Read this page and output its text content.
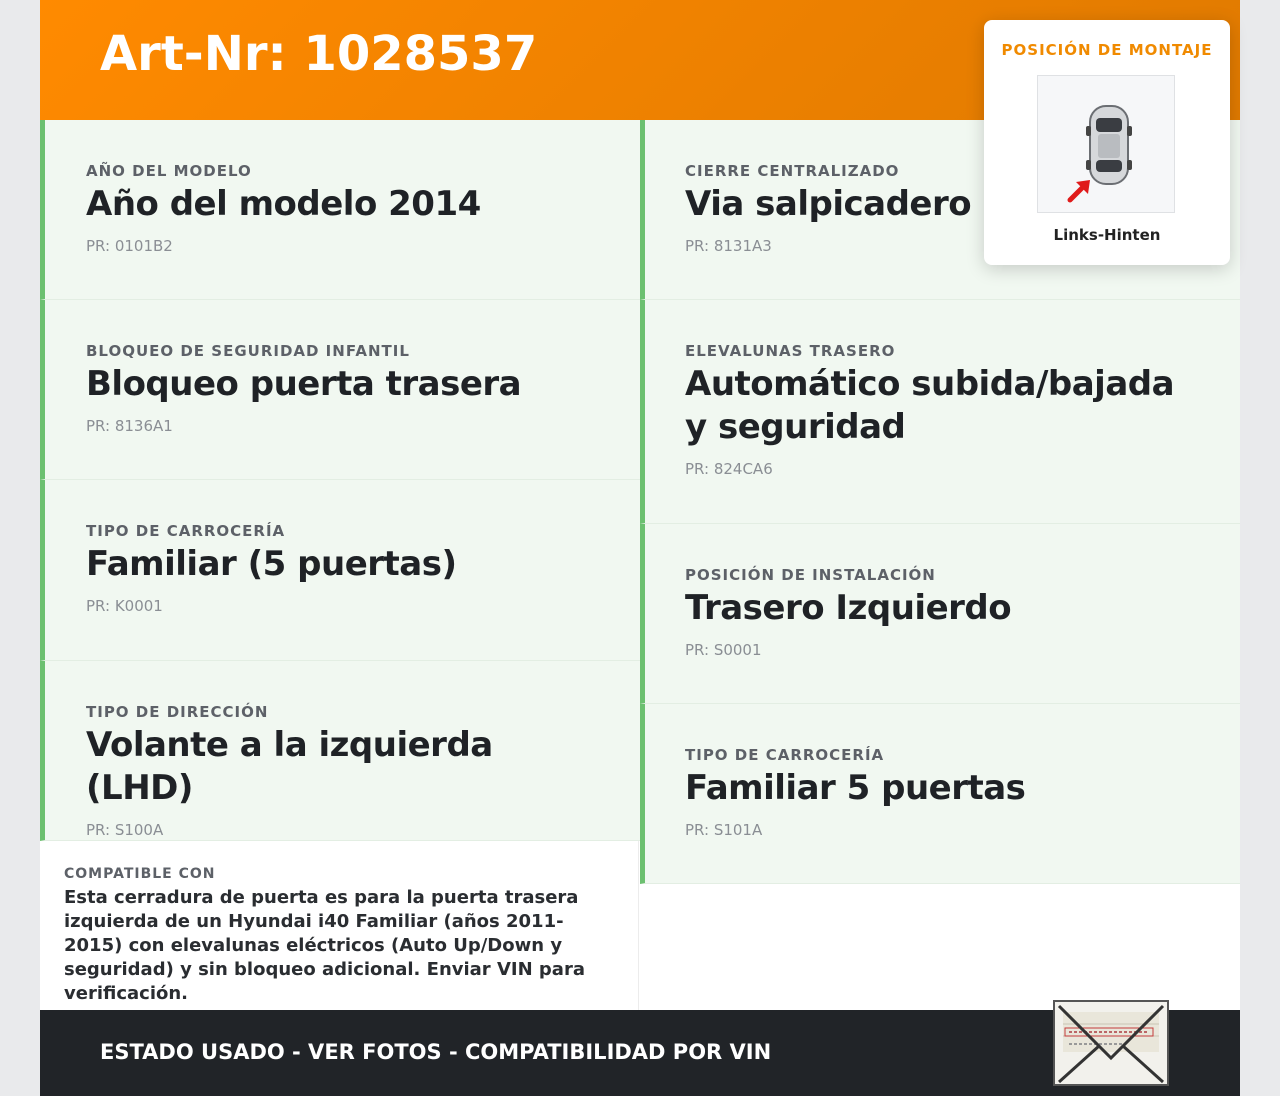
Art-Nr: 1028537
AÑO DEL MODELO
Año del modelo 2014
PR: 0101B2
BLOQUEO DE SEGURIDAD INFANTIL
Bloqueo puerta trasera
PR: 8136A1
TIPO DE CARROCERÍA
Familiar (5 puertas)
PR: K0001
TIPO DE DIRECCIÓN
Volante a la izquierda (LHD)
PR: S100A
CIERRE CENTRALIZADO
Via salpicadero
PR: 8131A3
ELEVALUNAS TRASERO
Automático subida/bajada y seguridad
PR: 824CA6
POSICIÓN DE INSTALACIÓN
Trasero Izquierdo
PR: S0001
TIPO DE CARROCERÍA
Familiar 5 puertas
PR: S101A
COMPATIBLE CON
Esta cerradura de puerta es para la puerta trasera izquierda de un Hyundai i40 Familiar (años 2011-2015) con elevalunas eléctricos (Auto Up/Down y seguridad) y sin bloqueo adicional. Enviar VIN para verificación.
ESTADO USADO - VER FOTOS - COMPATIBILIDAD POR VIN
POSICIÓN DE MONTAJE
Links-Hinten
